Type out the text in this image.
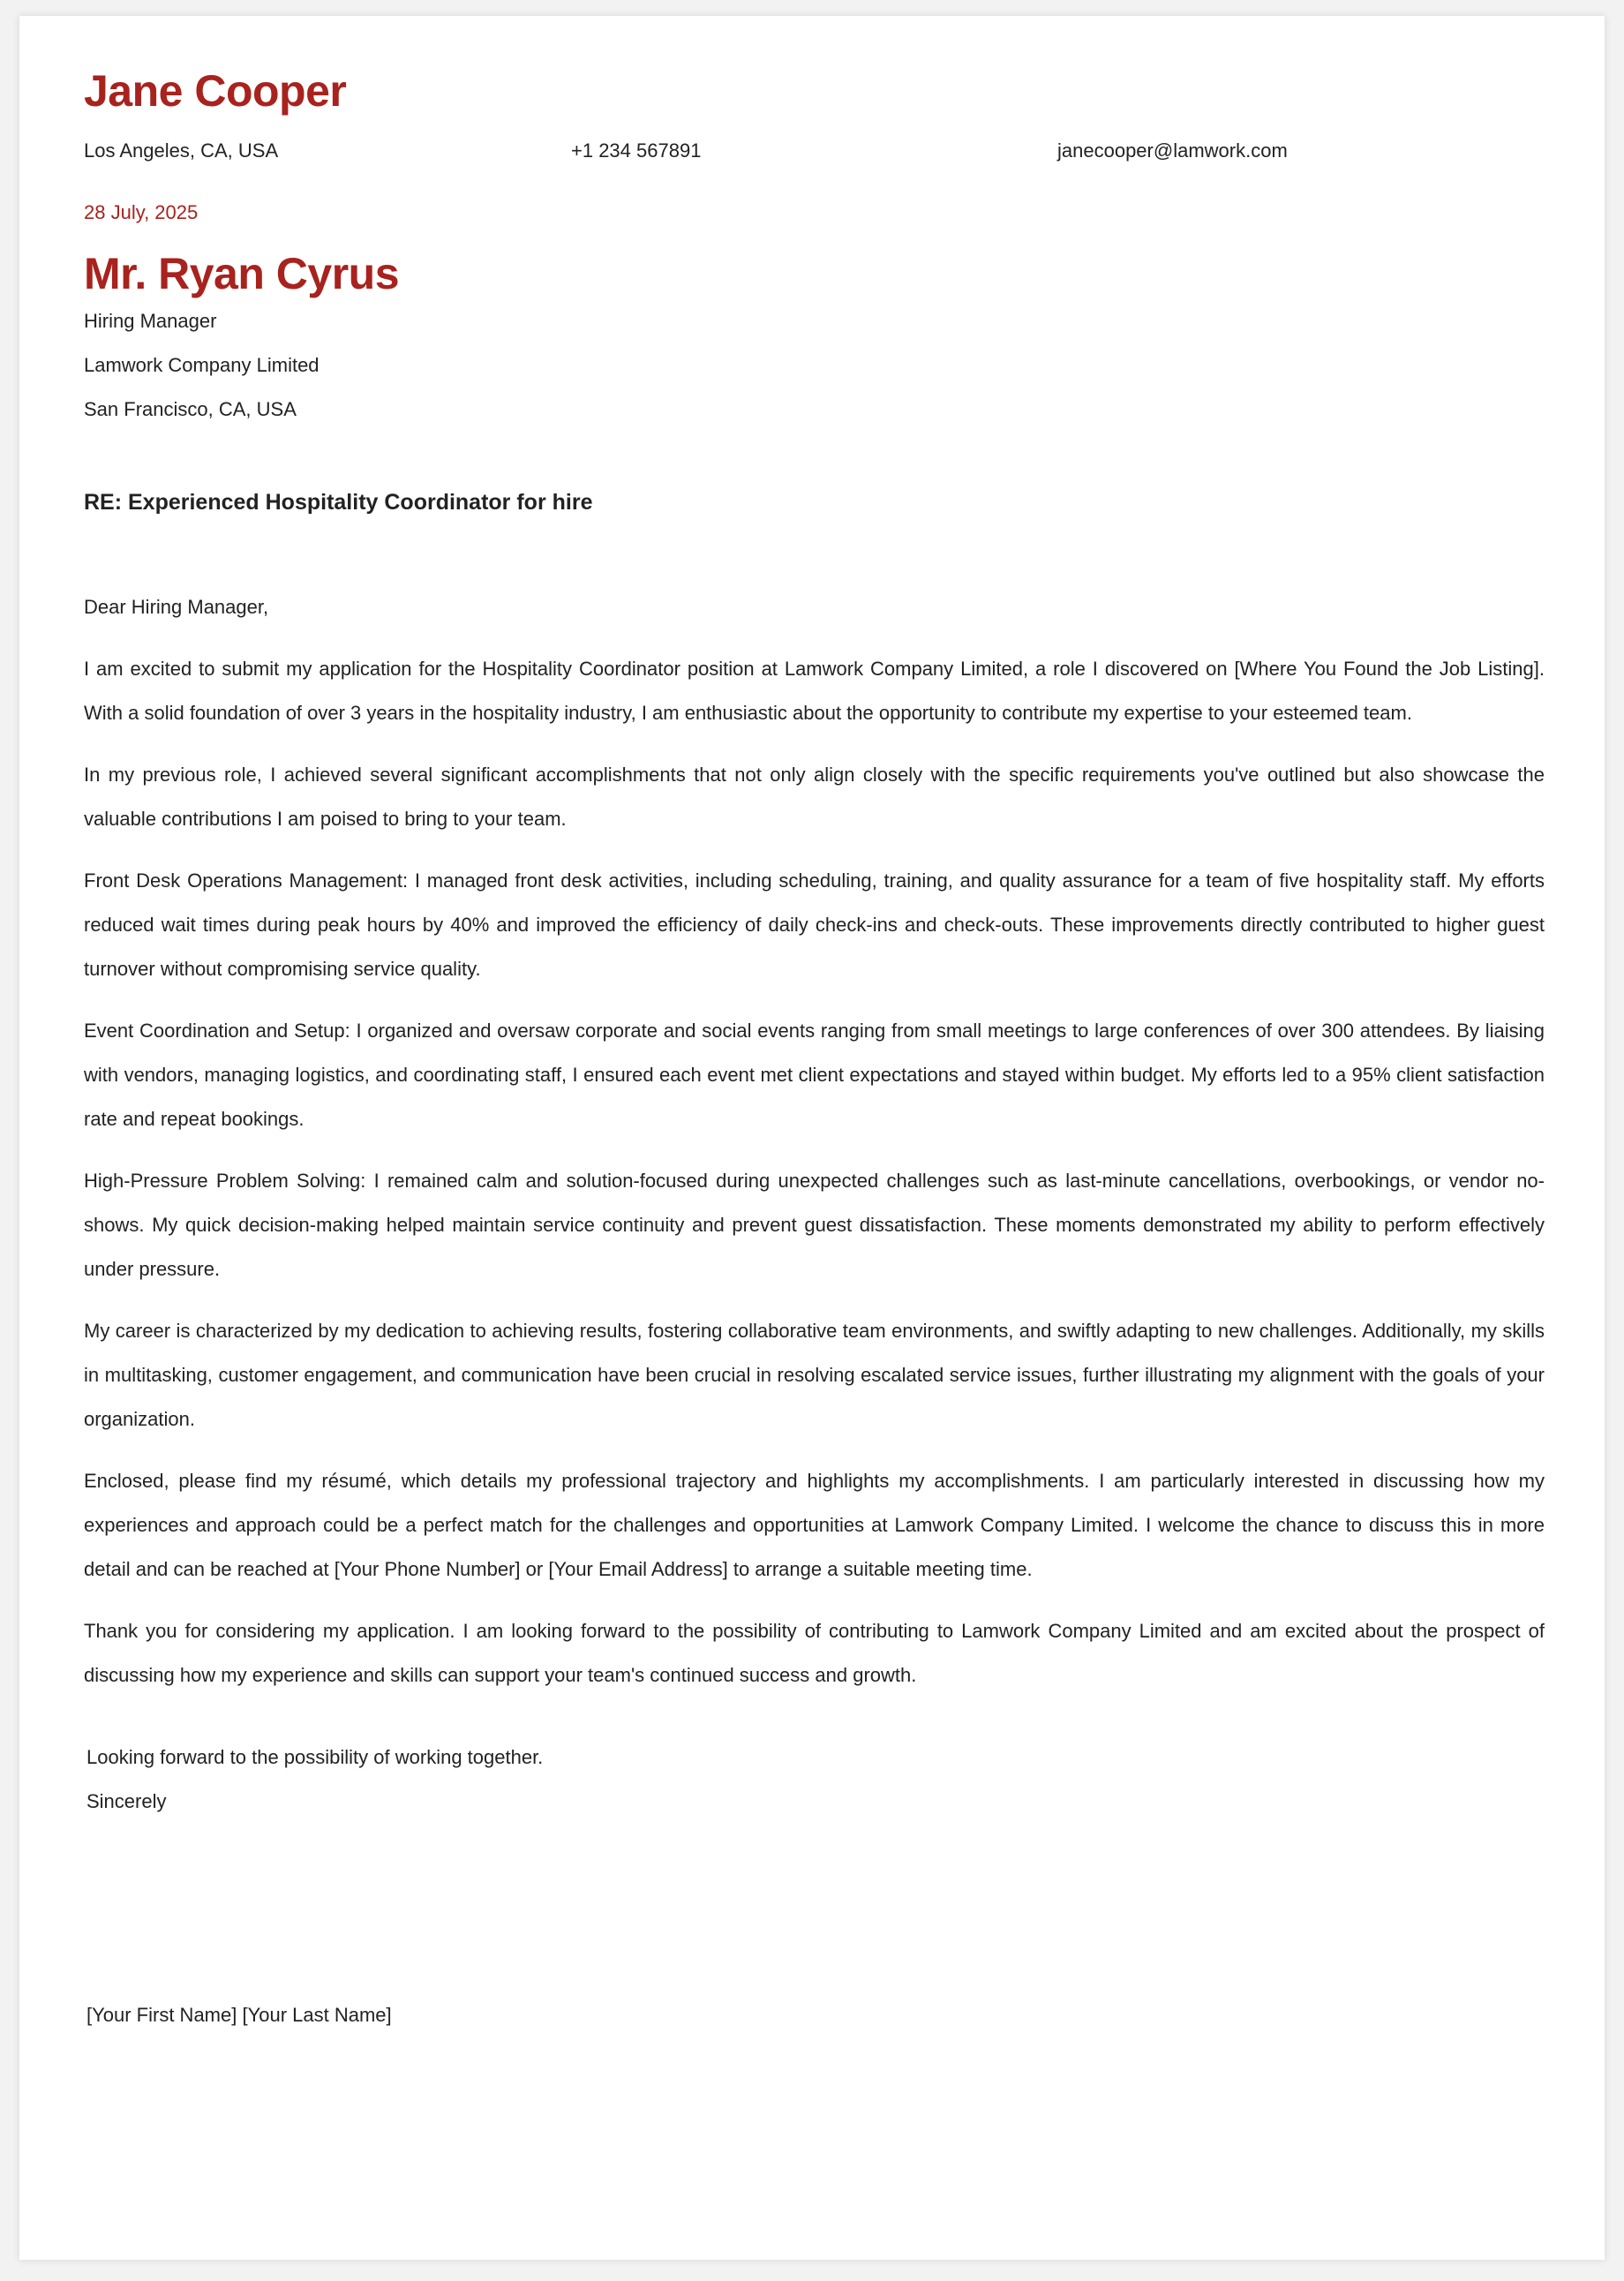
Jane Cooper
Los Angeles, CA, USA	+1 234 567891	janecooper@lamwork.com
28 July, 2025
Mr. Ryan Cyrus
Hiring Manager
Lamwork Company Limited
San Francisco, CA, USA
RE: Experienced Hospitality Coordinator for hire

Dear Hiring Manager,

I am excited to submit my application for the Hospitality Coordinator position at Lamwork Company Limited, a role I discovered on [Where You Found the Job Listing]. With a solid foundation of over 3 years in the hospitality industry, I am enthusiastic about the opportunity to contribute my expertise to your esteemed team.

In my previous role, I achieved several significant accomplishments that not only align closely with the specific requirements you've outlined but also showcase the valuable contributions I am poised to bring to your team.

Front Desk Operations Management: I managed front desk activities, including scheduling, training, and quality assurance for a team of five hospitality staff. My efforts reduced wait times during peak hours by 40% and improved the efficiency of daily check-ins and check-outs. These improvements directly contributed to higher guest turnover without compromising service quality.

Event Coordination and Setup: I organized and oversaw corporate and social events ranging from small meetings to large conferences of over 300 attendees. By liaising with vendors, managing logistics, and coordinating staff, I ensured each event met client expectations and stayed within budget. My efforts led to a 95% client satisfaction rate and repeat bookings.

High-Pressure Problem Solving: I remained calm and solution-focused during unexpected challenges such as last-minute cancellations, overbookings, or vendor no-shows. My quick decision-making helped maintain service continuity and prevent guest dissatisfaction. These moments demonstrated my ability to perform effectively under pressure.

My career is characterized by my dedication to achieving results, fostering collaborative team environments, and swiftly adapting to new challenges. Additionally, my skills in multitasking, customer engagement, and communication have been crucial in resolving escalated service issues, further illustrating my alignment with the goals of your organization.

Enclosed, please find my résumé, which details my professional trajectory and highlights my accomplishments. I am particularly interested in discussing how my experiences and approach could be a perfect match for the challenges and opportunities at Lamwork Company Limited. I welcome the chance to discuss this in more detail and can be reached at [Your Phone Number] or [Your Email Address] to arrange a suitable meeting time.

Thank you for considering my application. I am looking forward to the possibility of contributing to Lamwork Company Limited and am excited about the prospect of discussing how my experience and skills can support your team's continued success and growth.

Looking forward to the possibility of working together.
Sincerely
[Your First Name] [Your Last Name]
